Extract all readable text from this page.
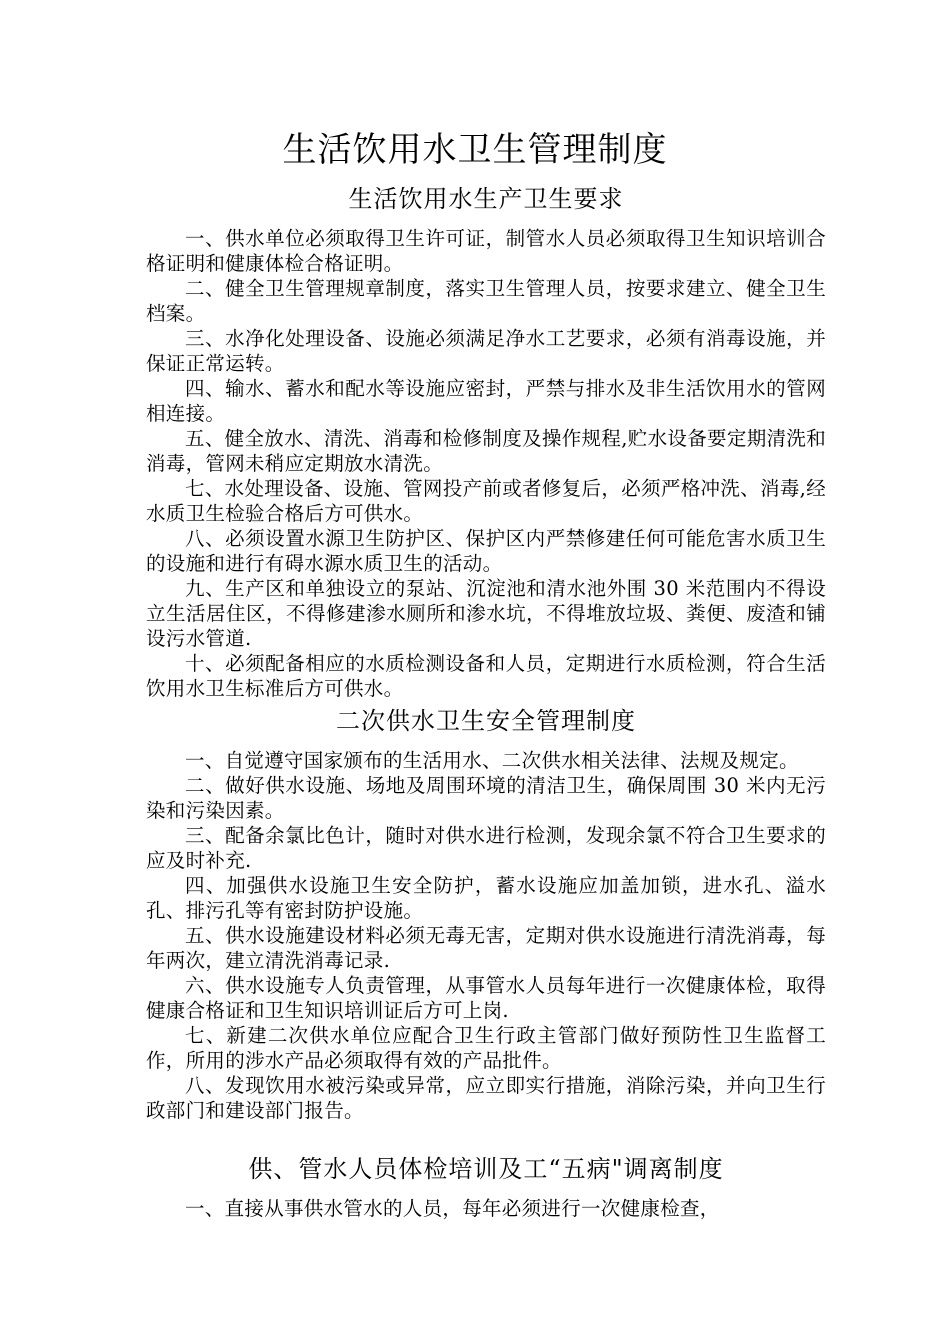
生活饮用水卫生管理制度
生活饮用水生产卫生要求

一、供水单位必须取得卫生许可证，制管水人员必须取得卫生知识培训合格证明和健康体检合格证明。

二、健全卫生管理规章制度，落实卫生管理人员，按要求建立、健全卫生档案。

三、水净化处理设备、设施必须满足净水工艺要求，必须有消毒设施，并保证正常运转。

四、输水、蓄水和配水等设施应密封，严禁与排水及非生活饮用水的管网相连接。

五、健全放水、清洗、消毒和检修制度及操作规程,贮水设备要定期清洗和消毒，管网未稍应定期放水清洗。

七、水处理设备、设施、管网投产前或者修复后，必须严格冲洗、消毒,经水质卫生检验合格后方可供水。

八、必须设置水源卫生防护区、保护区内严禁修建任何可能危害水质卫生的设施和进行有碍水源水质卫生的活动。

九、生产区和单独设立的泵站、沉淀池和清水池外围 30 米范围内不得设立生活居住区，不得修建渗水厕所和渗水坑，不得堆放垃圾、粪便、废渣和铺设污水管道.

十、必须配备相应的水质检测设备和人员，定期进行水质检测，符合生活饮用水卫生标准后方可供水。

二次供水卫生安全管理制度

一、自觉遵守国家颁布的生活用水、二次供水相关法律、法规及规定。

二、做好供水设施、场地及周围环境的清洁卫生，确保周围 30 米内无污染和污染因素。

三、配备余氯比色计，随时对供水进行检测，发现余氯不符合卫生要求的应及时补充.

四、加强供水设施卫生安全防护，蓄水设施应加盖加锁，进水孔、溢水孔、排污孔等有密封防护设施。

五、供水设施建设材料必须无毒无害，定期对供水设施进行清洗消毒，每年两次，建立清洗消毒记录.

六、供水设施专人负责管理，从事管水人员每年进行一次健康体检，取得健康合格证和卫生知识培训证后方可上岗.

七、新建二次供水单位应配合卫生行政主管部门做好预防性卫生监督工作，所用的涉水产品必须取得有效的产品批件。

八、发现饮用水被污染或异常，应立即实行措施，消除污染，并向卫生行政部门和建设部门报告。

供、管水人员体检培训及工“五病"调离制度

一、直接从事供水管水的人员，每年必须进行一次健康检查，
